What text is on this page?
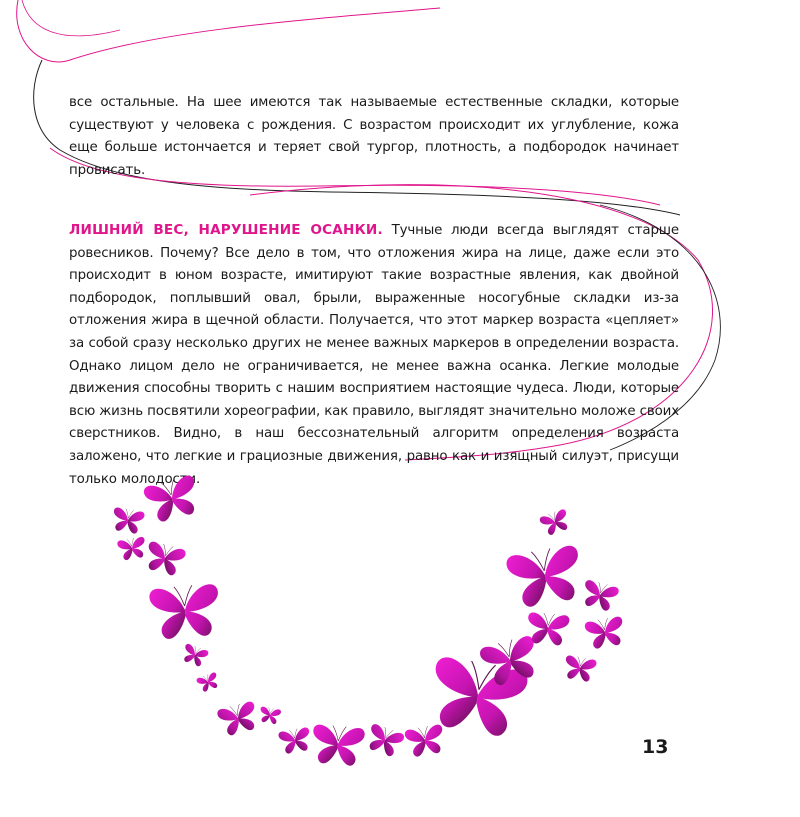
все остальные. На шее имеются так называемые естественные складки, которые существуют у человека с рождения. С возрастом происходит их углубление, кожа еще больше истончается и теряет свой тургор, плотность, а подбородок начинает провисать.
ЛИШНИЙ ВЕС, НАРУШЕНИЕ ОСАНКИ. Тучные люди всегда выглядят старше ровесников. Почему? Все дело в том, что отложения жира на лице, даже если это происходит в юном возрасте, имитируют такие возрастные явления, как двойной подбородок, поплывший овал, брыли, выраженные носогубные складки из-за отложения жира в щечной области. Получается, что этот маркер возраста «цепляет» за собой сразу несколько других не менее важных маркеров в определении возраста. Однако лицом дело не ограничивается, не менее важна осанка. Легкие молодые движения способны творить с нашим восприятием настоящие чудеса. Люди, которые всю жизнь посвятили хореографии, как правило, выглядят значительно моложе своих сверстников. Видно, в наш бессознательный алгоритм определения возраста заложено, что легкие и грациозные движения, равно как и изящный силуэт, присущи только молодости.
13
